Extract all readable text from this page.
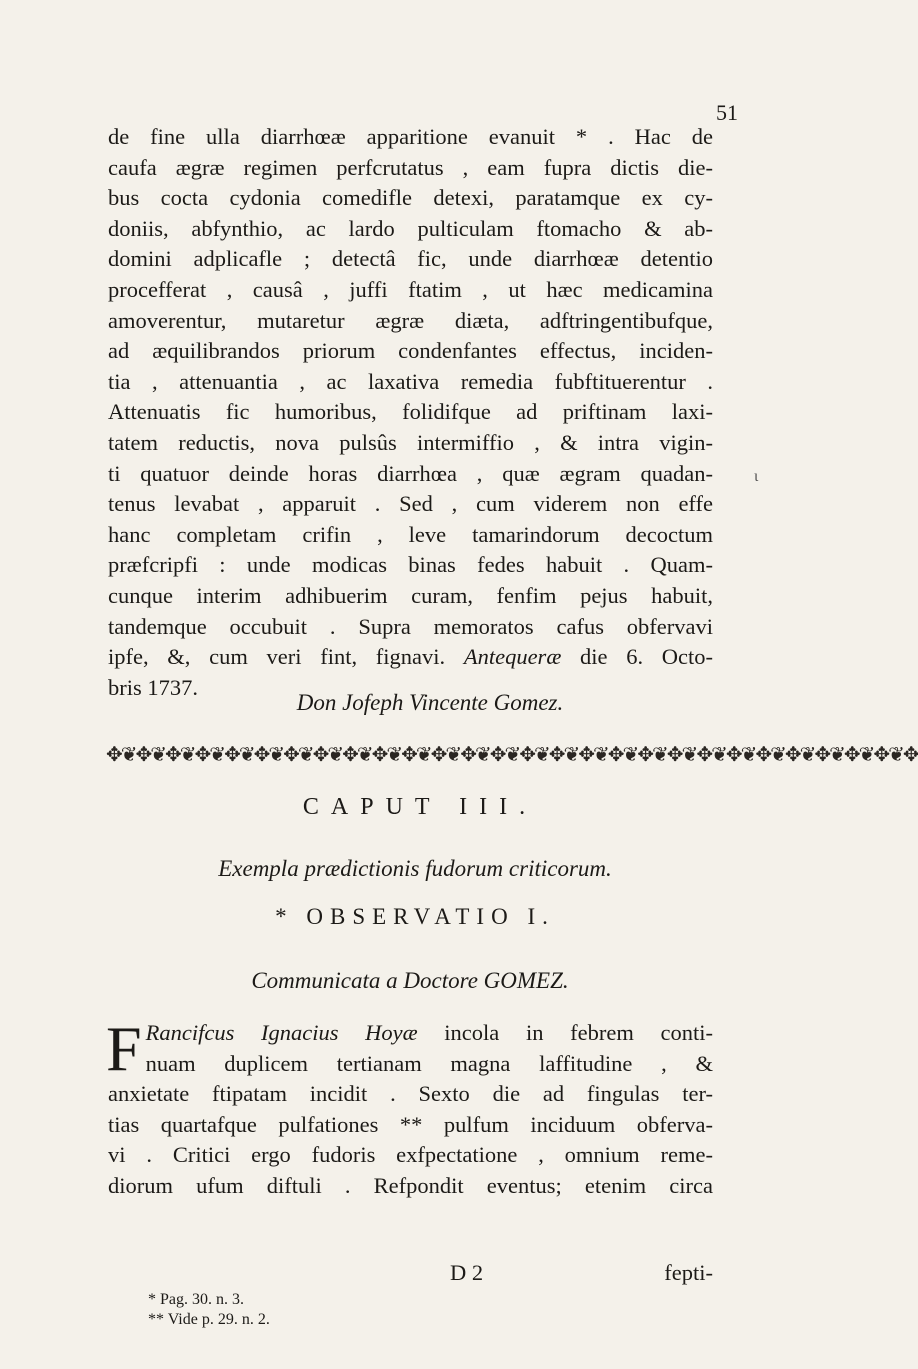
51
ι
de fine ulla diarrhœæ apparitione evanuit * . Hac de
caufa ægræ regimen perfcrutatus , eam fupra dictis die-
bus cocta cydonia comedifle detexi, paratamque ex cy-
doniis, abfynthio, ac lardo pulticulam ftomacho & ab-
domini adplicafle ; detectâ fic, unde diarrhœæ detentio
procefferat , causâ , juffi ftatim , ut hæc medicamina
amoverentur, mutaretur ægræ diæta, adftringentibufque,
ad æquilibrandos priorum condenfantes effectus, inciden-
tia , attenuantia , ac laxativa remedia fubftituerentur .
Attenuatis fic humoribus, folidifque ad priftinam laxi-
tatem reductis, nova pulsûs intermiffio , & intra vigin-
ti quatuor deinde horas diarrhœa , quæ ægram quadan-
tenus levabat , apparuit . Sed , cum viderem non effe
hanc completam crifin , leve tamarindorum decoctum
præfcripfi : unde modicas binas fedes habuit . Quam-
cunque interim adhibuerim curam, fenfim pejus habuit,
tandemque occubuit . Supra memoratos cafus obfervavi
ipfe, &, cum veri fint, fignavi. Antequeræ die 6. Octo-
bris 1737.
Don Jofeph Vincente Gomez.
✥❦✥❦✥❦✥❦✥❦✥❦✥❦✥❦✥❦✥❦✥❦✥❦✥❦✥❦✥❦✥❦✥❦✥❦✥❦✥❦✥❦✥❦✥❦✥❦✥❦✥❦✥❦✥
CAPUT III.
Exempla prædictionis fudorum criticorum.
* OBSERVATIO I.
Communicata a Doctore GOMEZ.
F Rancifcus Ignacius Hoyæ incola in febrem conti-
nuam duplicem tertianam magna laffitudine , &
anxietate ftipatam incidit . Sexto die ad fingulas ter-
tias quartafque pulfationes ** pulfum inciduum obferva-
vi . Critici ergo fudoris exfpectatione , omnium reme-
diorum ufum diftuli . Refpondit eventus; etenim circa
D 2	fepti-
* Pag. 30. n. 3.
** Vide p. 29. n. 2.
